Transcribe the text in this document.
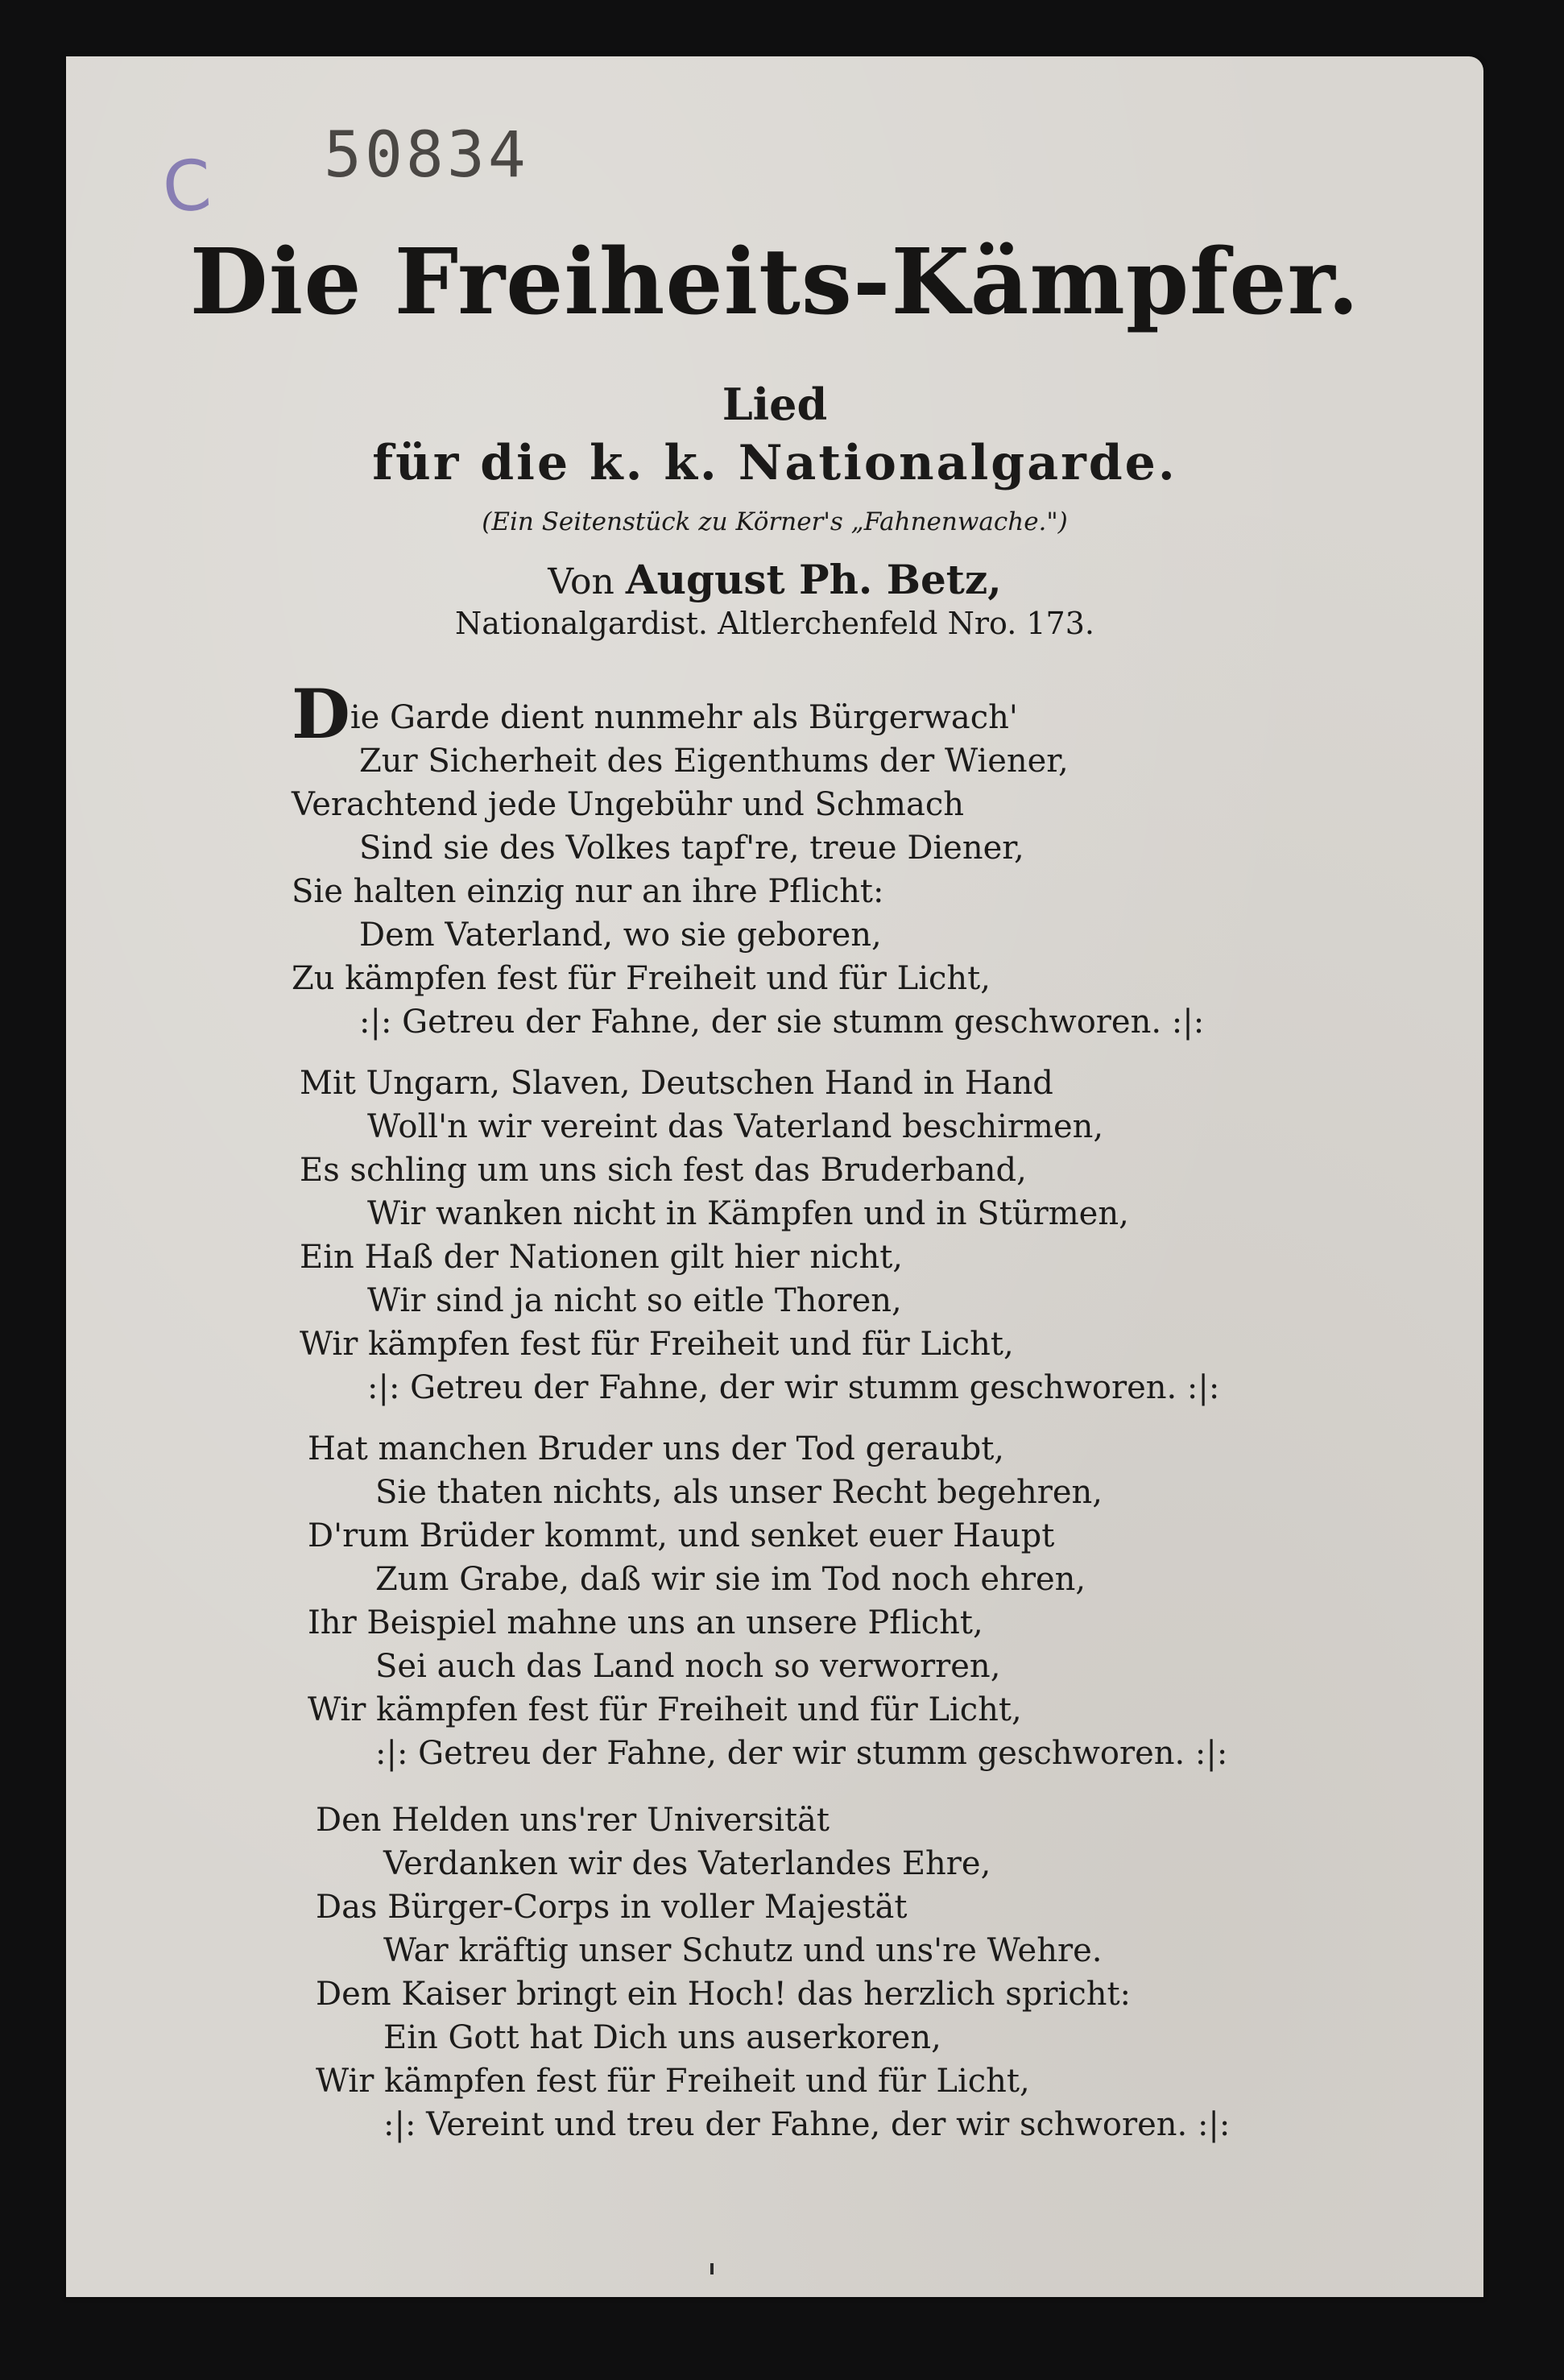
C 50834
Die Freiheits-Kämpfer.
Lied
für die k. k. Nationalgarde.
(Ein Seitenstück zu Körner's „Fahnenwache.")
Von August Ph. Betz,
Nationalgardist. Altlerchenfeld Nro. 173.
Die Garde dient nunmehr als Bürgerwach'
Zur Sicherheit des Eigenthums der Wiener,
Verachtend jede Ungebühr und Schmach
Sind sie des Volkes tapf're, treue Diener,
Sie halten einzig nur an ihre Pflicht:
Dem Vaterland, wo sie geboren,
Zu kämpfen fest für Freiheit und für Licht,
:|: Getreu der Fahne, der sie stumm geschworen. :|:
Mit Ungarn, Slaven, Deutschen Hand in Hand
Woll'n wir vereint das Vaterland beschirmen,
Es schling um uns sich fest das Bruderband,
Wir wanken nicht in Kämpfen und in Stürmen,
Ein Haß der Nationen gilt hier nicht,
Wir sind ja nicht so eitle Thoren,
Wir kämpfen fest für Freiheit und für Licht,
:|: Getreu der Fahne, der wir stumm geschworen. :|:
Hat manchen Bruder uns der Tod geraubt,
Sie thaten nichts, als unser Recht begehren,
D'rum Brüder kommt, und senket euer Haupt
Zum Grabe, daß wir sie im Tod noch ehren,
Ihr Beispiel mahne uns an unsere Pflicht,
Sei auch das Land noch so verworren,
Wir kämpfen fest für Freiheit und für Licht,
:|: Getreu der Fahne, der wir stumm geschworen. :|:
Den Helden uns'rer Universität
Verdanken wir des Vaterlandes Ehre,
Das Bürger-Corps in voller Majestät
War kräftig unser Schutz und uns're Wehre.
Dem Kaiser bringt ein Hoch! das herzlich spricht:
Ein Gott hat Dich uns auserkoren,
Wir kämpfen fest für Freiheit und für Licht,
:|: Vereint und treu der Fahne, der wir schworen. :|:
